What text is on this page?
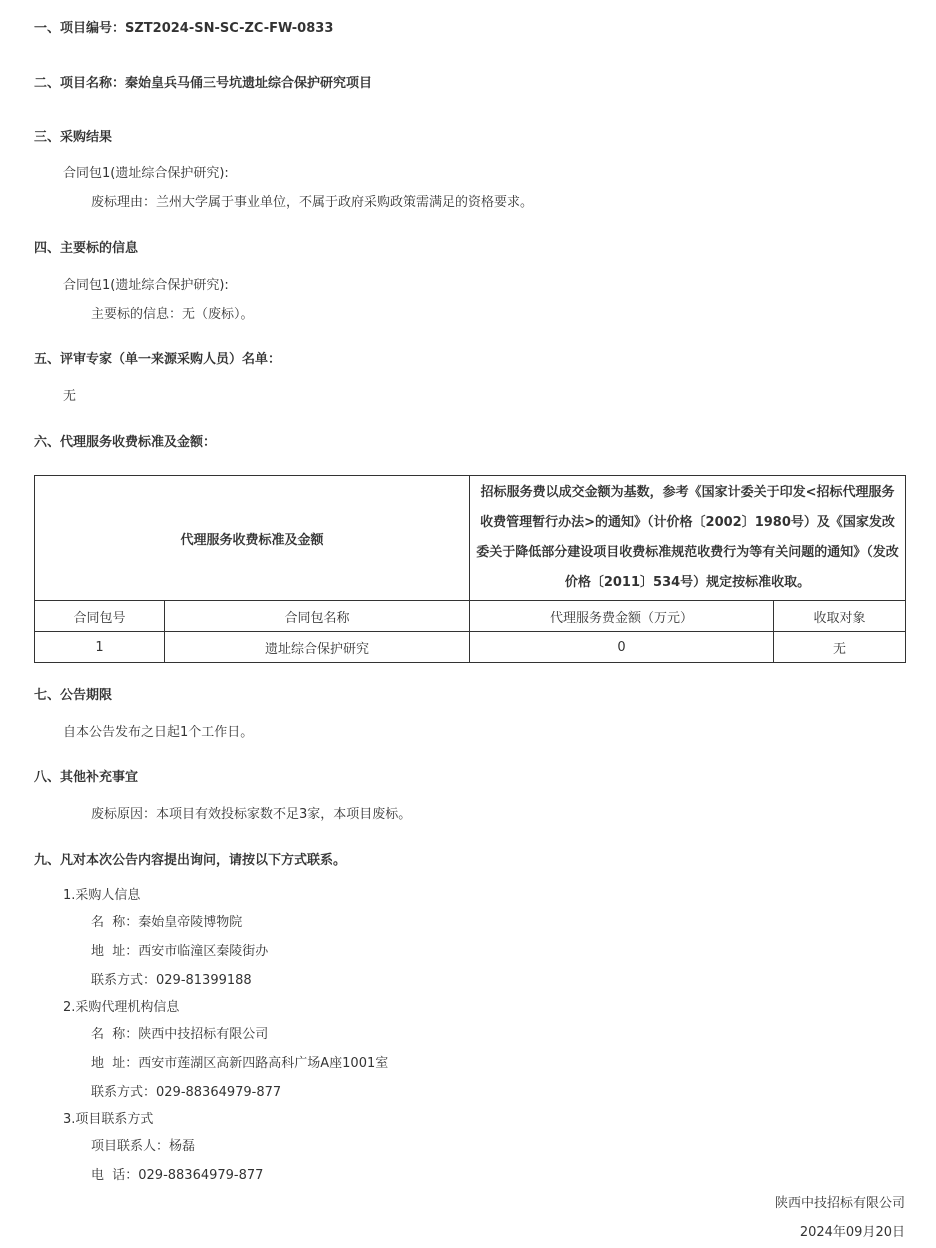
一、项目编号：SZT2024-SN-SC-ZC-FW-0833
二、项目名称：秦始皇兵马俑三号坑遗址综合保护研究项目
三、采购结果
合同包1(遗址综合保护研究):
废标理由：兰州大学属于事业单位，不属于政府采购政策需满足的资格要求。
四、主要标的信息
合同包1(遗址综合保护研究):
主要标的信息：无（废标）。
五、评审专家（单一来源采购人员）名单：
无
六、代理服务收费标准及金额：
代理服务收费标准及金额		招标服务费以成交金额为基数，参考《国家计委关于印发<招标代理服务收费管理暂行办法>的通知》（计价格〔2002〕1980号）及《国家发改委关于降低部分建设项目收费标准规范收费行为等有关问题的通知》（发改价格〔2011〕534号）规定按标准收取。	
合同包号	合同包名称	代理服务费金额（万元）	收取对象
1	遗址综合保护研究	0	无
七、公告期限
自本公告发布之日起1个工作日。
八、其他补充事宜
废标原因：本项目有效投标家数不足3家，本项目废标。
九、凡对本次公告内容提出询问，请按以下方式联系。
1.采购人信息
名  称：秦始皇帝陵博物院
地  址：西安市临潼区秦陵街办
联系方式：029-81399188
2.采购代理机构信息
名  称：陕西中技招标有限公司
地  址：西安市莲湖区高新四路高科广场A座1001室
联系方式：029-88364979-877
3.项目联系方式
项目联系人：杨磊
电  话：029-88364979-877
陕西中技招标有限公司
2024年09月20日
